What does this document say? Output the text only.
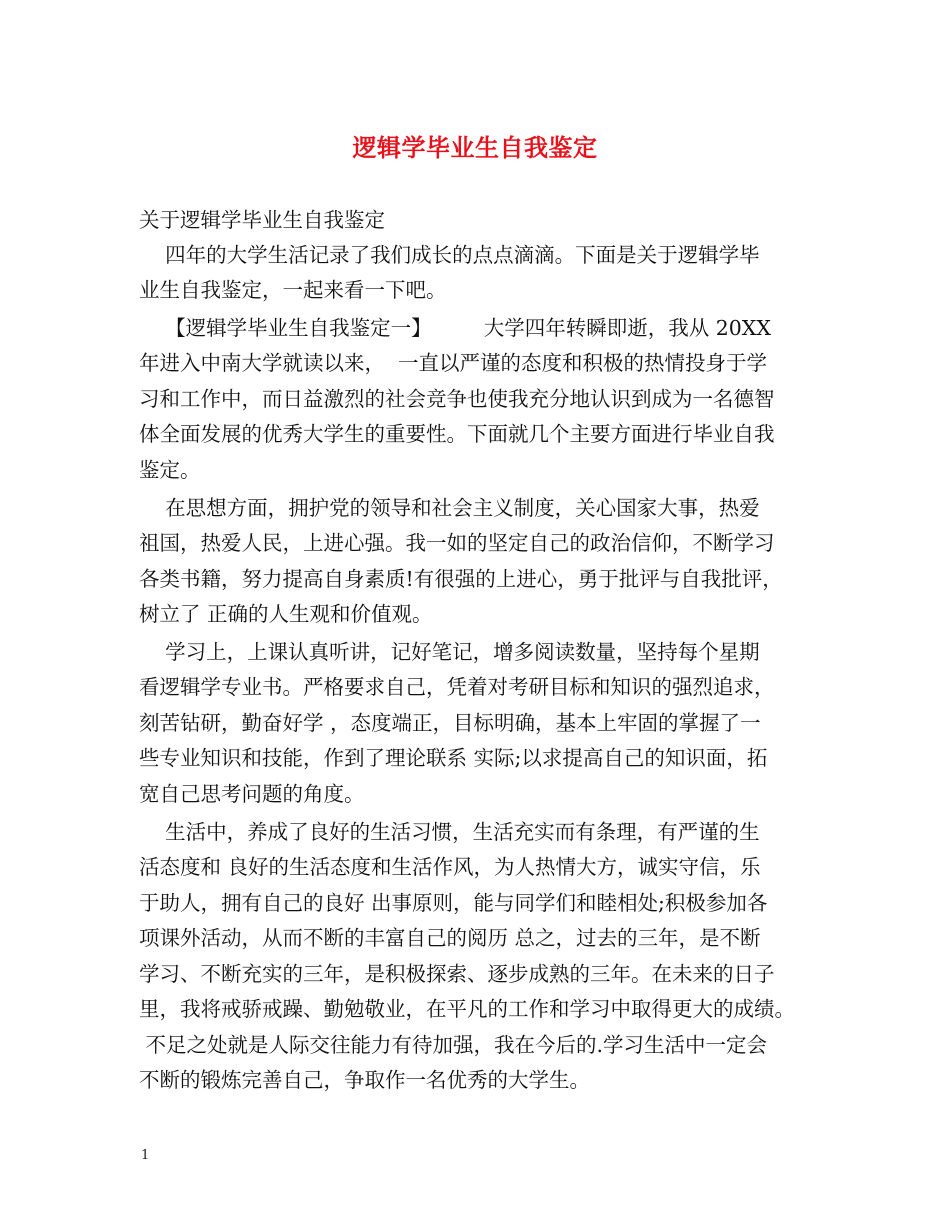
逻辑学毕业生自我鉴定
关于逻辑学毕业生自我鉴定
四年的大学生活记录了我们成长的点点滴滴。下面是关于逻辑学毕
业生自我鉴定，一起来看一下吧。
【逻辑学毕业生自我鉴定一】        大学四年转瞬即逝，我从 20XX
年进入中南大学就读以来，  一直以严谨的态度和积极的热情投身于学
习和工作中，而日益激烈的社会竞争也使我充分地认识到成为一名德智
体全面发展的优秀大学生的重要性。下面就几个主要方面进行毕业自我
鉴定。
在思想方面，拥护党的领导和社会主义制度，关心国家大事，热爱
祖国，热爱人民，上进心强。我一如的坚定自己的政治信仰，不断学习
各类书籍，努力提高自身素质!有很强的上进心，勇于批评与自我批评，
树立了 正确的人生观和价值观。
学习上，上课认真听讲，记好笔记，增多阅读数量，坚持每个星期
看逻辑学专业书。严格要求自己，凭着对考研目标和知识的强烈追求，
刻苦钻研，勤奋好学 ，态度端正，目标明确，基本上牢固的掌握了一
些专业知识和技能，作到了理论联系 实际;以求提高自己的知识面，拓
宽自己思考问题的角度。
生活中，养成了良好的生活习惯，生活充实而有条理，有严谨的生
活态度和 良好的生活态度和生活作风，为人热情大方，诚实守信，乐
于助人，拥有自己的良好 出事原则，能与同学们和睦相处;积极参加各
项课外活动，从而不断的丰富自己的阅历 总之，过去的三年，是不断
学习、不断充实的三年，是积极探索、逐步成熟的三年。在未来的日子
里，我将戒骄戒躁、勤勉敬业，在平凡的工作和学习中取得更大的成绩。
不足之处就是人际交往能力有待加强，我在今后的.学习生活中一定会
不断的锻炼完善自己，争取作一名优秀的大学生。
1
